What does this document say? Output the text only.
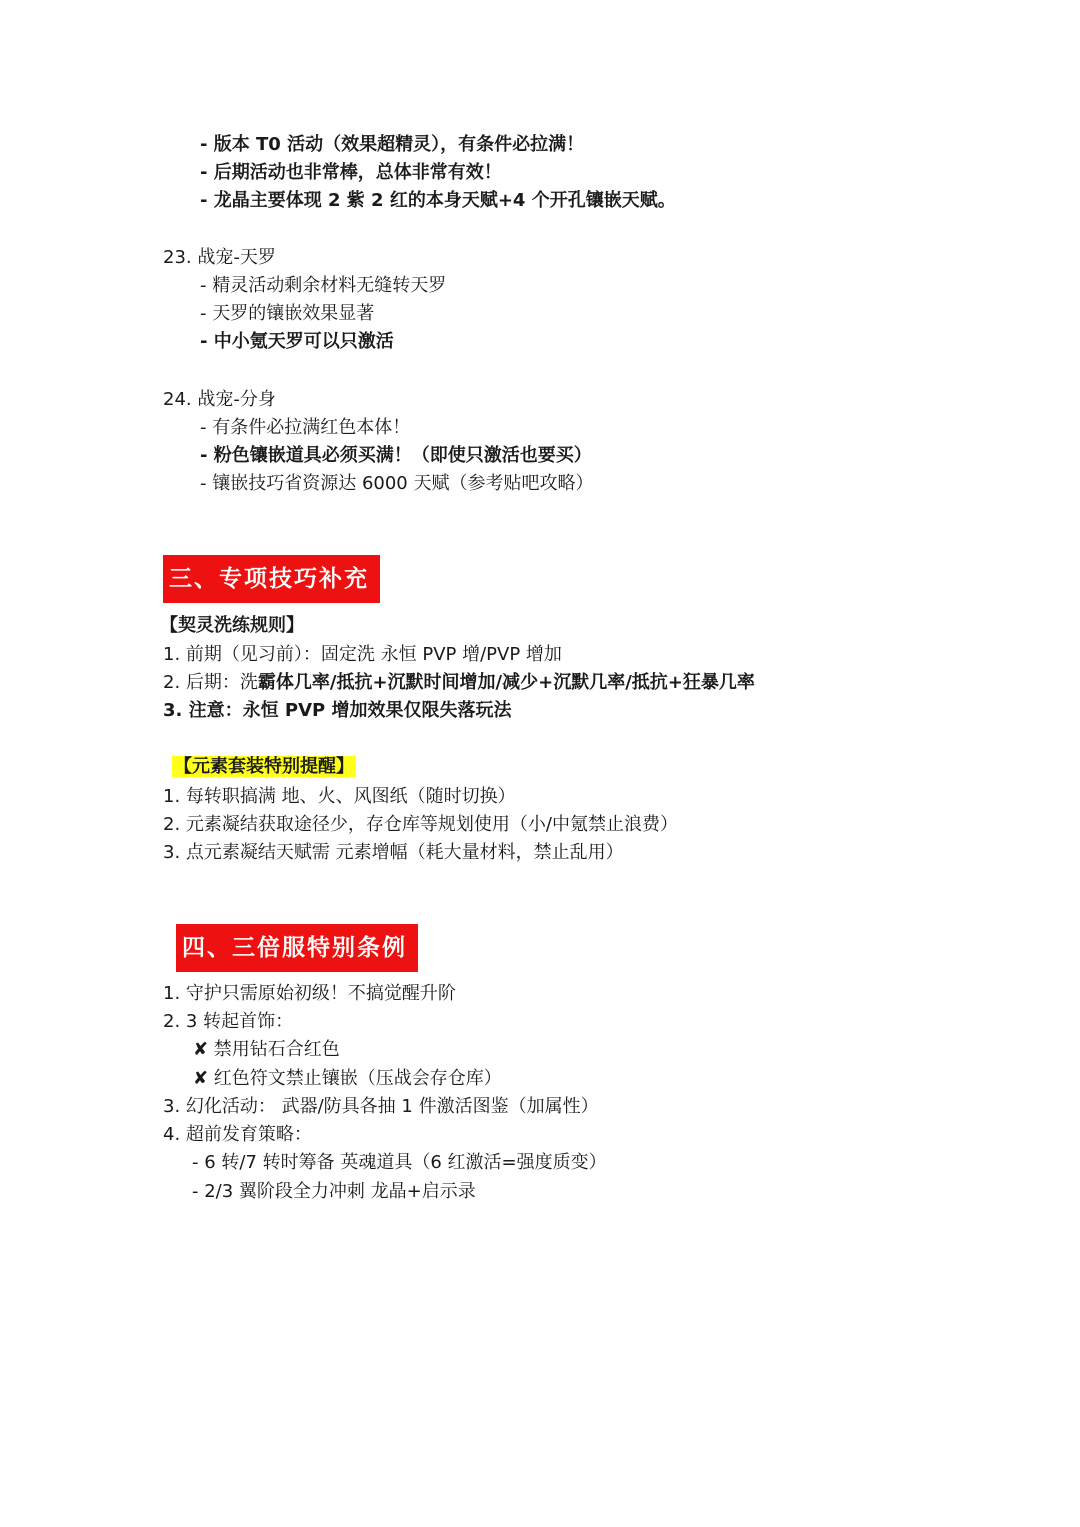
- 版本 T0 活动（效果超精灵），有条件必拉满！
- 后期活动也非常棒，总体非常有效！
- 龙晶主要体现 2 紫 2 红的本身天赋+4 个开孔镶嵌天赋。
23. 战宠-天罗
- 精灵活动剩余材料无缝转天罗
- 天罗的镶嵌效果显著
- 中小氪天罗可以只激活
24. 战宠-分身
- 有条件必拉满红色本体！
- 粉色镶嵌道具必须买满！（即使只激活也要买）
- 镶嵌技巧省资源达 6000 天赋（参考贴吧攻略）
三、专项技巧补充
【契灵洗练规则】
1. 前期（见习前）：固定洗 永恒 PVP 增/PVP 增加
2. 后期：洗霸体几率/抵抗+沉默时间增加/减少+沉默几率/抵抗+狂暴几率
3. 注意：永恒 PVP 增加效果仅限失落玩法
【元素套装特别提醒】
1. 每转职搞满 地、火、风图纸（随时切换）
2. 元素凝结获取途径少，存仓库等规划使用（小/中氪禁止浪费）
3. 点元素凝结天赋需 元素增幅（耗大量材料，禁止乱用）
四、三倍服特别条例
1. 守护只需原始初级！不搞觉醒升阶
2. 3 转起首饰：
✘ 禁用钻石合红色
✘ 红色符文禁止镶嵌（压战会存仓库）
3. 幻化活动： 武器/防具各抽 1 件激活图鉴（加属性）
4. 超前发育策略：
- 6 转/7 转时筹备 英魂道具（6 红激活=强度质变）
- 2/3 翼阶段全力冲刺 龙晶+启示录
